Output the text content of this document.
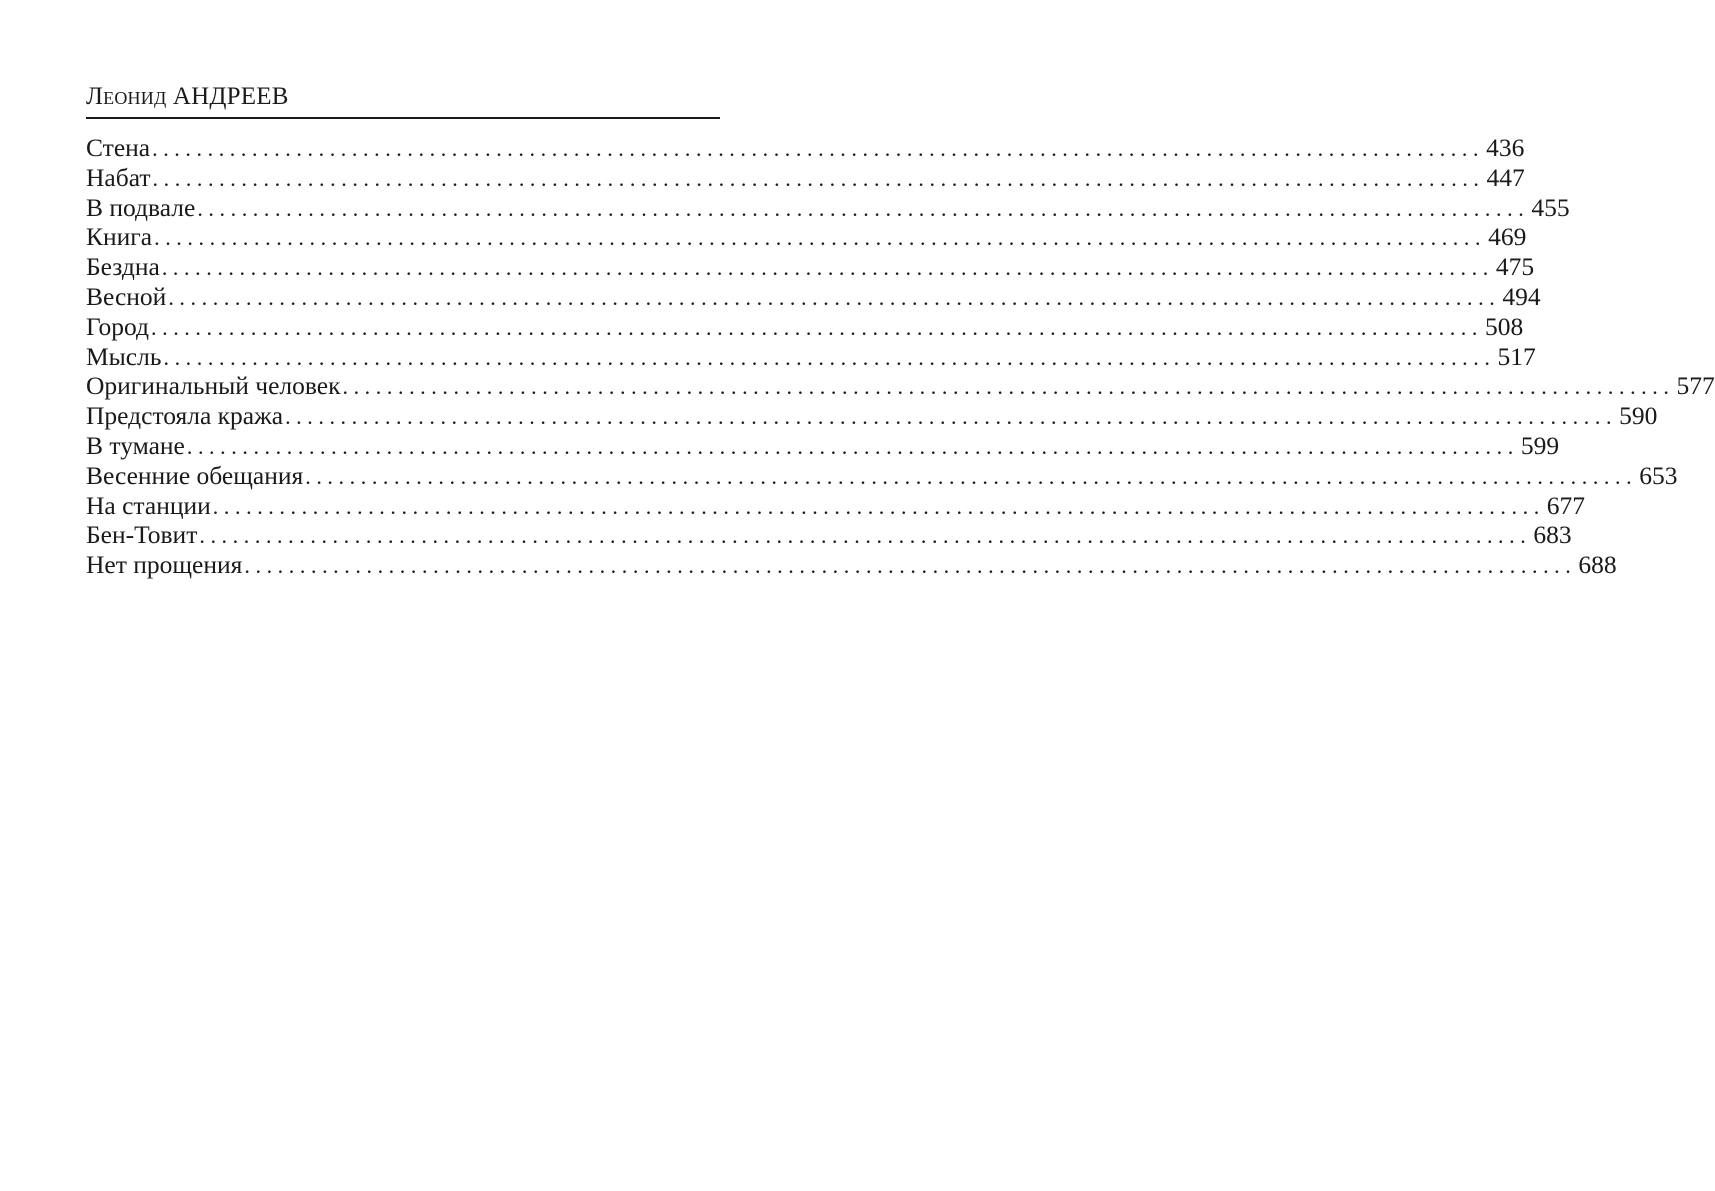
Леонид АНДРЕЕВ
Стена ........................................................................................................................ 436
Набат ........................................................................................................................ 447
В подвале ........................................................................................................................ 455
Книга ........................................................................................................................ 469
Бездна ........................................................................................................................ 475
Весной ........................................................................................................................ 494
Город ........................................................................................................................ 508
Мысль ........................................................................................................................ 517
Оригинальный человек ........................................................................................................................ 577
Предстояла кража ........................................................................................................................ 590
В тумане ........................................................................................................................ 599
Весенние обещания ........................................................................................................................ 653
На станции ........................................................................................................................ 677
Бен-Товит ........................................................................................................................ 683
Нет прощения ........................................................................................................................ 688
